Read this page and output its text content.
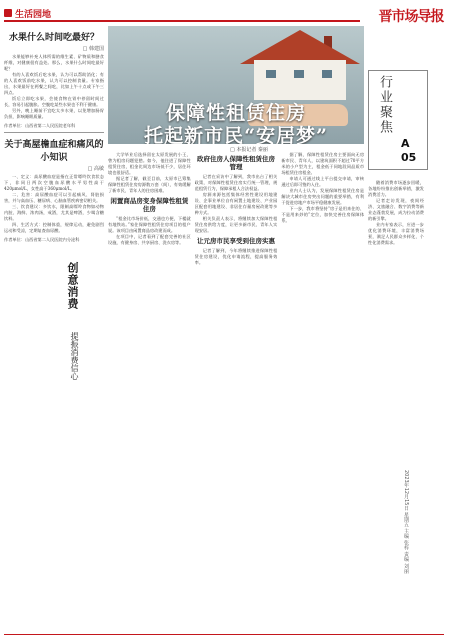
生活园地	晋市场导报
水果什么时间吃最好？
□ 韩建国

水果能够补充人体所需的维生素、矿物质和膳食纤维，对健康很有益处。那么，水果什么时间吃最好呢？

有的人喜欢饭后吃水果，认为可以帮助消化；有的人喜欢饭前吃水果，认为可以控制食量。专家指出，水果最好在两餐之间吃，比如上午十点或下午三四点。

饭后立即吃水果，会使食物在胃中停留时间过长，容易引起腹胀。空腹吃某些水果也不利于健康。

另外，晚上睡前不宜吃太多水果，以免增加肠胃负担，影响睡眠质量。

作者单位：山西省第二人民医院老年科

关于高屋檐血症和痛风的小知识
□ 高敏

一、定义：高尿酸血症是指在正常嘌呤饮食状态下，非同日两次空腹血尿酸水平男性高于420μmol/L，女性高于360μmol/L。

二、危害：高尿酸血症可以引起痛风、肾脏损害，并与高血压、糖尿病、心脑血管疾病密切相关。

三、饮食建议：多饮水，限制高嘌呤食物如动物内脏、海鲜、浓肉汤，戒酒，尤其是啤酒，少喝含糖饮料。

四、生活方式：控制体重，规律运动，避免剧烈运动和受凉，定期复查血尿酸。

作者单位：山西省第二人民医院内分泌科

保障性租赁住房
托起新市民“安居梦”
□ 本报记者 秦丽

大学毕业后选择留在太原发展的小王，曾为租房问题犯愁。如今，他住进了保障性租赁住房，租金比周边市场低不少，居住环境也很舒适。

据记者了解，截至目前，太原市已筹集保障性租赁住房房源数万套（间），有效缓解了新市民、青年人的住房困难。

闲置商品房变身保障性租赁住房

“租金比市场价低，交通也方便，下楼就有地铁站。”家住保障性租赁住房项目的租户说。该项目由闲置商品房改建而成。

在项目中，记者看到了配套完善的社区设施，有健身房、共享厨房、洗衣房等。

政府住房人保障性租赁住房管理

记者在采访中了解到，我市出台了相关政策，对保障性租赁住房实行统一管理，规范租赁行为，保障承租人合法权益。

房源来源包括集体经营性建设用地建设、企事业单位自有闲置土地建设、产业园区配套用地建设、非居住存量房屋改建等多种方式。

相关负责人表示，将继续加大保障性租赁住房供给力度，让更多新市民、青年人实现安居。

让元房市民享受到住房实惠

记者了解到，今年将继续推进保障性租赁住房建设，优化申请流程，提高服务效率。

据了解，保障性租赁住房主要面向无房新市民、青年人，以建筑面积不超过70平方米的小户型为主，租金低于同地段同品质市场租赁住房租金。

申请人可通过线上平台提交申请，审核通过后即可签约入住。

业内人士认为，发展保障性租赁住房是解决大城市住房突出问题的重要举措，有利于促进房地产市场平稳健康发展。

下一步，我市将坚持“房子是用来住的、不是用来炒的”定位，加快完善住房保障体系。

行业聚焦
A
05

随着消费市场逐步回暖，各地纷纷推出创新举措，激发消费活力。

记者走访发现，夜间经济、文旅融合、数字消费等新业态蓬勃发展，成为拉动消费的新引擎。

业内专家表示，应进一步优化消费环境，丰富消费场景，满足人民群众多样化、个性化消费需求。

创意消费
提振消费信心
2023年12月15日 星期五 主编 张梓 责编 刘丽
